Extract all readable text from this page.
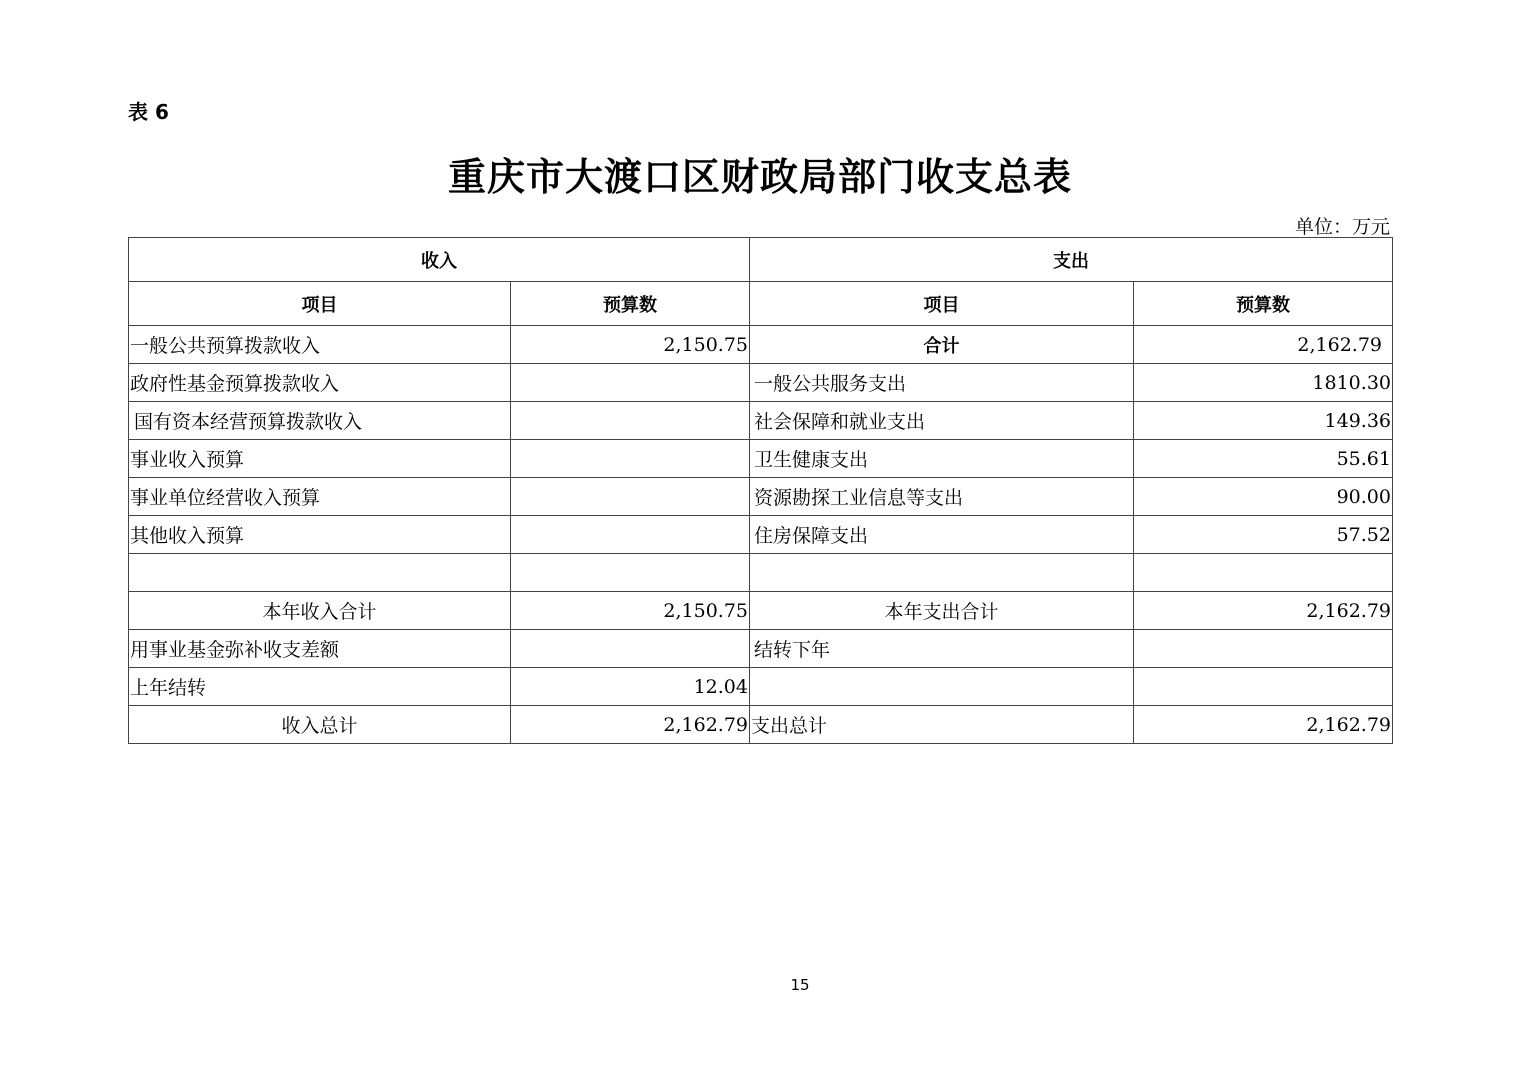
表 6
重庆市大渡口区财政局部门收支总表
单位：万元
收入		支出	
项目	预算数	项目	预算数
一般公共预算拨款收入	2,150.75	合计	2,162.79
政府性基金预算拨款收入		一般公共服务支出	1810.30
国有资本经营预算拨款收入		社会保障和就业支出	149.36
事业收入预算		卫生健康支出	55.61
事业单位经营收入预算		资源勘探工业信息等支出	90.00
其他收入预算		住房保障支出	57.52

本年收入合计	2,150.75	本年支出合计	2,162.79
用事业基金弥补收支差额		结转下年	
上年结转	12.04		
收入总计	2,162.79	支出总计	2,162.79
15
